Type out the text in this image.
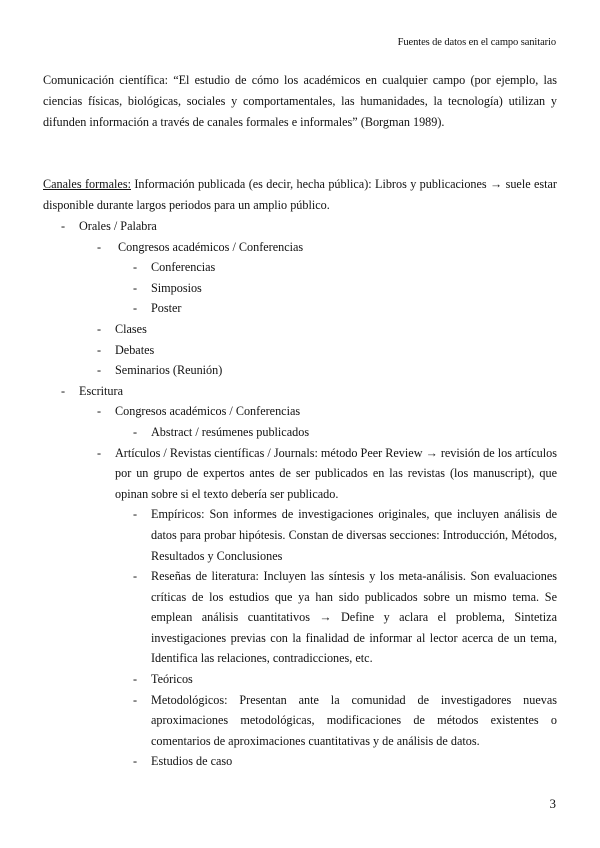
Fuentes de datos en el campo sanitario

Comunicación científica: “El estudio de cómo los académicos en cualquier campo (por ejemplo, las ciencias físicas, biológicas, sociales y comportamentales, las humanidades, la tecnología) utilizan y difunden información a través de canales formales e informales” (Borgman 1989).

Canales formales: Información publicada (es decir, hecha pública): Libros y publicaciones → suele estar disponible durante largos periodos para un amplio público.

- Orales / Palabra
- Congresos académicos / Conferencias
- Conferencias
- Simposios
- Poster
- Clases
- Debates
- Seminarios (Reunión)
- Escritura
- Congresos académicos / Conferencias
- Abstract / resúmenes publicados
- Artículos / Revistas científicas / Journals: método Peer Review → revisión de los artículos por un grupo de expertos antes de ser publicados en las revistas (los manuscript), que opinan sobre si el texto debería ser publicado.
- Empíricos: Son informes de investigaciones originales, que incluyen análisis de datos para probar hipótesis. Constan de diversas secciones: Introducción, Métodos, Resultados y Conclusiones
- Reseñas de literatura: Incluyen las síntesis y los meta-análisis. Son evaluaciones críticas de los estudios que ya han sido publicados sobre un mismo tema. Se emplean análisis cuantitativos → Define y aclara el problema, Sintetiza investigaciones previas con la finalidad de informar al lector acerca de un tema, Identifica las relaciones, contradicciones, etc.
- Teóricos
- Metodológicos: Presentan ante la comunidad de investigadores nuevas aproximaciones metodológicas, modificaciones de métodos existentes o comentarios de aproximaciones cuantitativas y de análisis de datos.
- Estudios de caso
3
